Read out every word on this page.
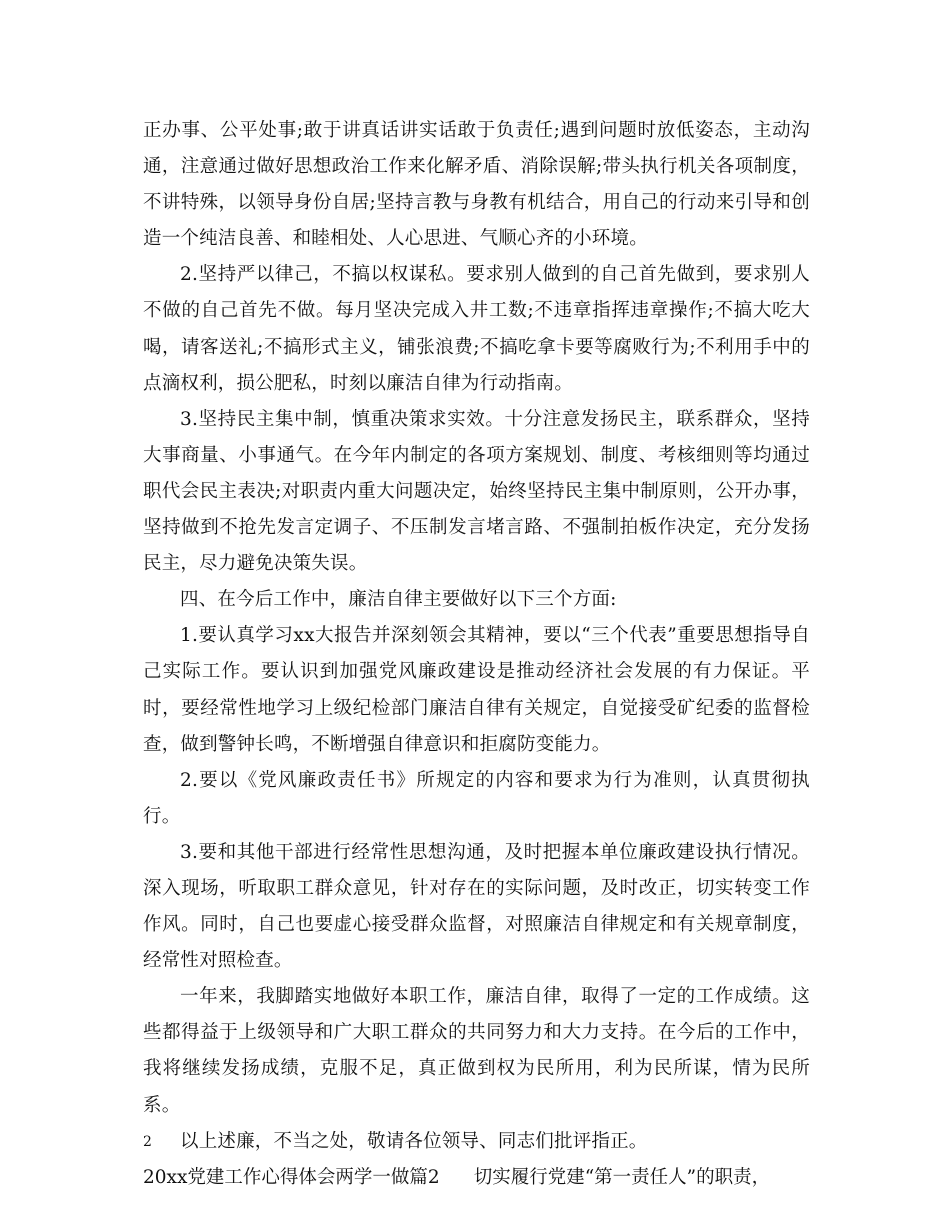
正办事、公平处事;敢于讲真话讲实话敢于负责任;遇到问题时放低姿态，主动沟通，注意通过做好思想政治工作来化解矛盾、消除误解;带头执行机关各项制度，不讲特殊，以领导身份自居;坚持言教与身教有机结合，用自己的行动来引导和创造一个纯洁良善、和睦相处、人心思进、气顺心齐的小环境。

2.坚持严以律己，不搞以权谋私。要求别人做到的自己首先做到，要求别人不做的自己首先不做。每月坚决完成入井工数;不违章指挥违章操作;不搞大吃大喝，请客送礼;不搞形式主义，铺张浪费;不搞吃拿卡要等腐败行为;不利用手中的点滴权利，损公肥私，时刻以廉洁自律为行动指南。

3.坚持民主集中制，慎重决策求实效。十分注意发扬民主，联系群众，坚持大事商量、小事通气。在今年内制定的各项方案规划、制度、考核细则等均通过职代会民主表决;对职责内重大问题决定，始终坚持民主集中制原则，公开办事，坚持做到不抢先发言定调子、不压制发言堵言路、不强制拍板作决定，充分发扬民主，尽力避免决策失误。

四、在今后工作中，廉洁自律主要做好以下三个方面:

1.要认真学习xx大报告并深刻领会其精神，要以“三个代表”重要思想指导自己实际工作。要认识到加强党风廉政建设是推动经济社会发展的有力保证。平时，要经常性地学习上级纪检部门廉洁自律有关规定，自觉接受矿纪委的监督检查，做到警钟长鸣，不断增强自律意识和拒腐防变能力。

2.要以《党风廉政责任书》所规定的内容和要求为行为准则，认真贯彻执行。

3.要和其他干部进行经常性思想沟通，及时把握本单位廉政建设执行情况。深入现场，听取职工群众意见，针对存在的实际问题，及时改正，切实转变工作作风。同时，自己也要虚心接受群众监督，对照廉洁自律规定和有关规章制度，经常性对照检查。

一年来，我脚踏实地做好本职工作，廉洁自律，取得了一定的工作成绩。这些都得益于上级领导和广大职工群众的共同努力和大力支持。在今后的工作中，我将继续发扬成绩，克服不足，真正做到权为民所用，利为民所谋，情为民所系。

以上述廉，不当之处，敬请各位领导、同志们批评指正。

20xx党建工作心得体会两学一做篇2 切实履行党建“第一责任人”的职责，

2
